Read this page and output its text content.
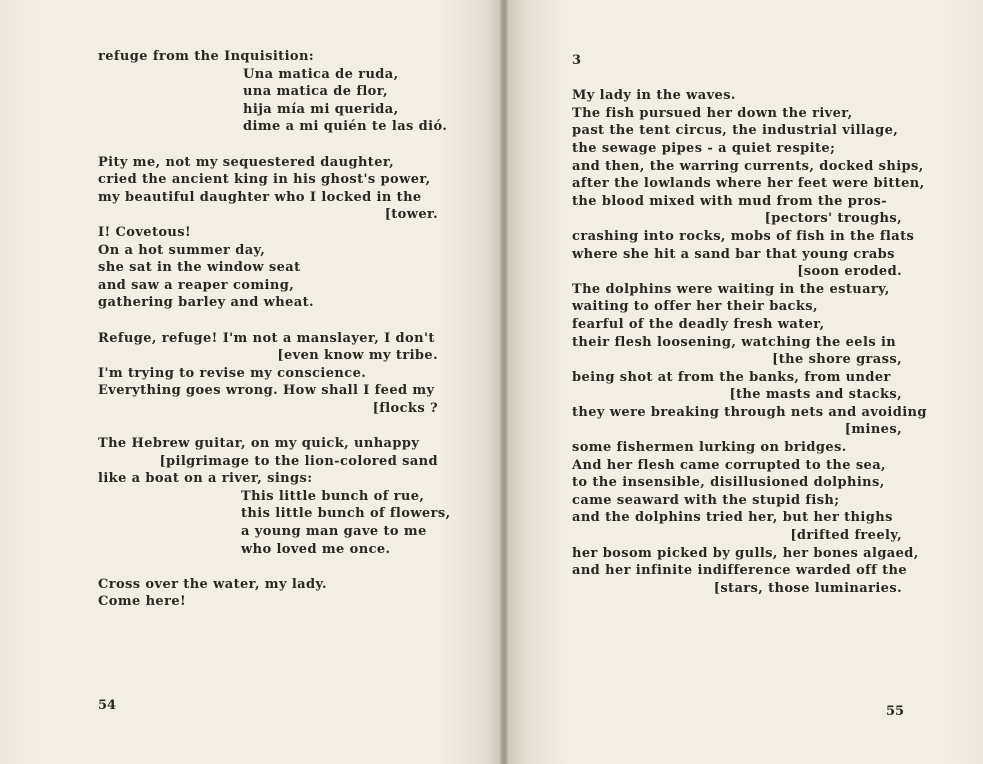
refuge from the Inquisition:
Una matica de ruda,
una matica de flor,
hija mía mi querida,
dime a mi quién te las dió.
Pity me, not my sequestered daughter,
cried the ancient king in his ghost's power,
my beautiful daughter who I locked in the
[tower.
I! Covetous!
On a hot summer day,
she sat in the window seat
and saw a reaper coming,
gathering barley and wheat.
Refuge, refuge! I'm not a manslayer, I don't
[even know my tribe.
I'm trying to revise my conscience.
Everything goes wrong. How shall I feed my
[flocks ?
The Hebrew guitar, on my quick, unhappy
[pilgrimage to the lion-colored sand
like a boat on a river, sings:
This little bunch of rue,
this little bunch of flowers,
a young man gave to me
who loved me once.
Cross over the water, my lady.
Come here!
54
3
My lady in the waves.
The fish pursued her down the river,
past the tent circus, the industrial village,
the sewage pipes - a quiet respite;
and then, the warring currents, docked ships,
after the lowlands where her feet were bitten,
the blood mixed with mud from the pros-
[pectors' troughs,
crashing into rocks, mobs of fish in the flats
where she hit a sand bar that young crabs
[soon eroded.
The dolphins were waiting in the estuary,
waiting to offer her their backs,
fearful of the deadly fresh water,
their flesh loosening, watching the eels in
[the shore grass,
being shot at from the banks, from under
[the masts and stacks,
they were breaking through nets and avoiding
[mines,
some fishermen lurking on bridges.
And her flesh came corrupted to the sea,
to the insensible, disillusioned dolphins,
came seaward with the stupid fish;
and the dolphins tried her, but her thighs
[drifted freely,
her bosom picked by gulls, her bones algaed,
and her infinite indifference warded off the
[stars, those luminaries.
55
